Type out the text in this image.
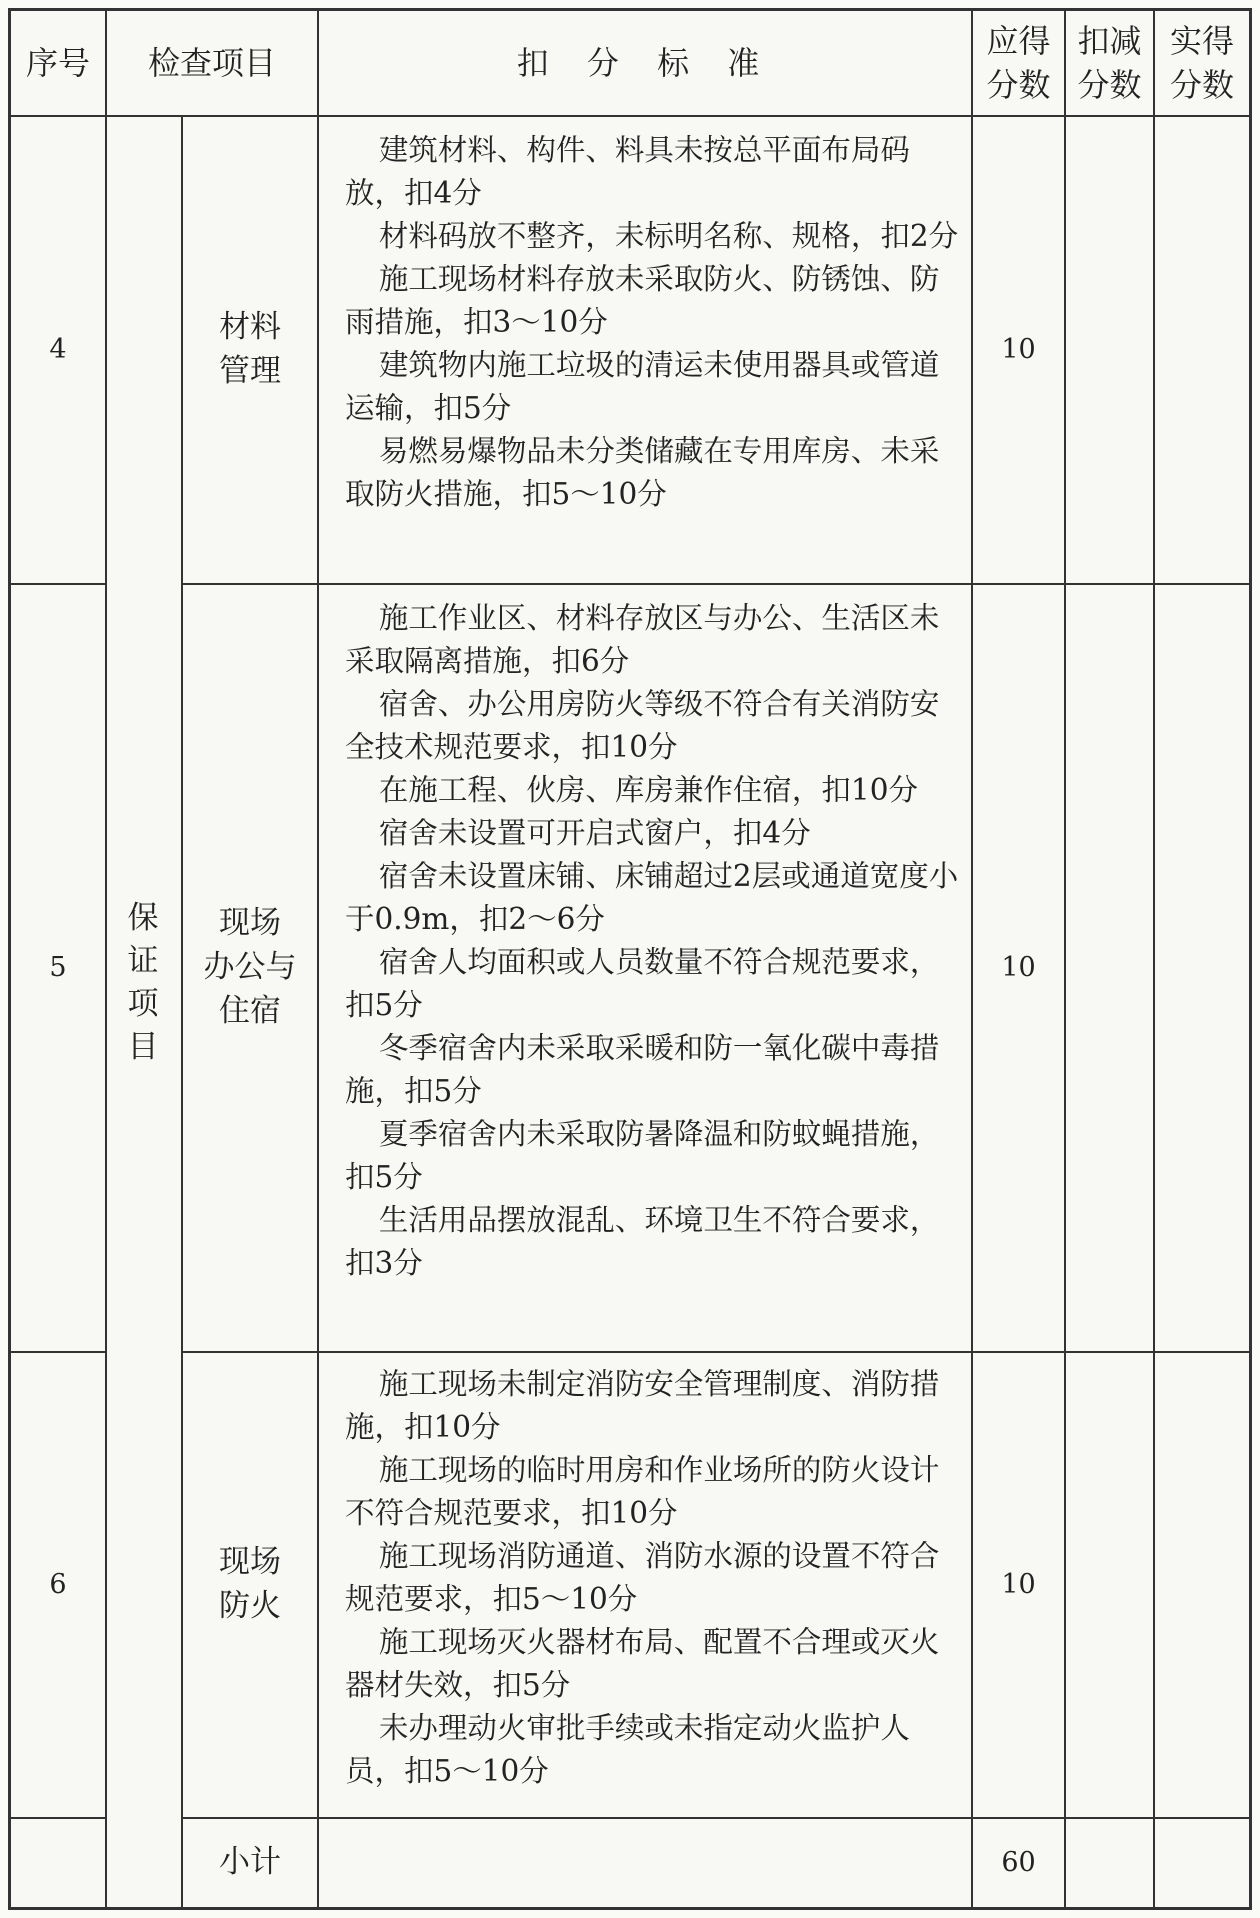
序号 检查项目	扣 分 标 准
应得
分数
扣减
分数
实得
分数
保证项目
4
材料
管理
10

建筑材料、构件、料具未按总平面布局码放，扣4分

材料码放不整齐，未标明名称、规格，扣2分

施工现场材料存放未采取防火、防锈蚀、防雨措施，扣3～10分

建筑物内施工垃圾的清运未使用器具或管道运输，扣5分

易燃易爆物品未分类储藏在专用库房、未采取防火措施，扣5～10分

5
现场
办公与
住宿
10

施工作业区、材料存放区与办公、生活区未采取隔离措施，扣6分

宿舍、办公用房防火等级不符合有关消防安全技术规范要求，扣10分

在施工程、伙房、库房兼作住宿，扣10分

宿舍未设置可开启式窗户，扣4分

宿舍未设置床铺、床铺超过2层或通道宽度小于0.9m，扣2～6分

宿舍人均面积或人员数量不符合规范要求，扣5分

冬季宿舍内未采取采暖和防一氧化碳中毒措施，扣5分

夏季宿舍内未采取防暑降温和防蚊蝇措施，扣5分

生活用品摆放混乱、环境卫生不符合要求，扣3分

6
现场
防火
10

施工现场未制定消防安全管理制度、消防措施，扣10分

施工现场的临时用房和作业场所的防火设计不符合规范要求，扣10分

施工现场消防通道、消防水源的设置不符合规范要求，扣5～10分

施工现场灭火器材布局、配置不合理或灭火器材失效，扣5分

未办理动火审批手续或未指定动火监护人员，扣5～10分

小计	60
